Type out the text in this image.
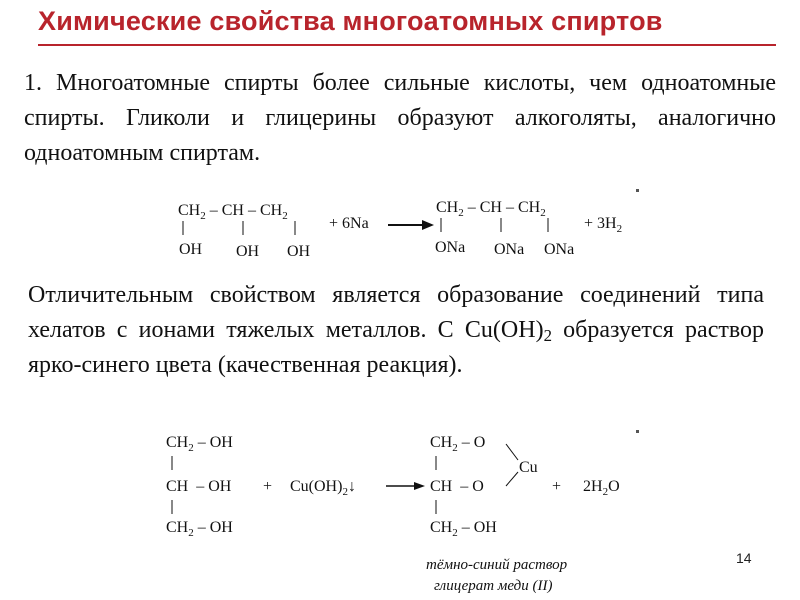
Химические свойства многоатомных спиртов
1. Многоатомные спирты более сильные кислоты, чем одноатомные спирты. Гликоли и глицерины образуют алкоголяты, аналогично одноатомным спиртам.
$CH_2$ – CH – $CH_2$
OH OH OH
+ 6Na
$CH_2$ – CH – $CH_2$
ONa ONa ONa
+ $3H_2$
Отличительным свойством является образование соединений типа хелатов с ионами тяжелых металлов. С $Cu(OH)_2$ образуется раствор ярко-синего цвета (качественная реакция).
$CH_2$ – OH
CH  – OH
$CH_2$ – OH
+ $Cu(OH)_2↓$
$CH_2$ – O
CH  – O
$CH_2$ – OH
Cu
+ $2H_2O$
тёмно-синий раствор
глицерат меди (II)
14
